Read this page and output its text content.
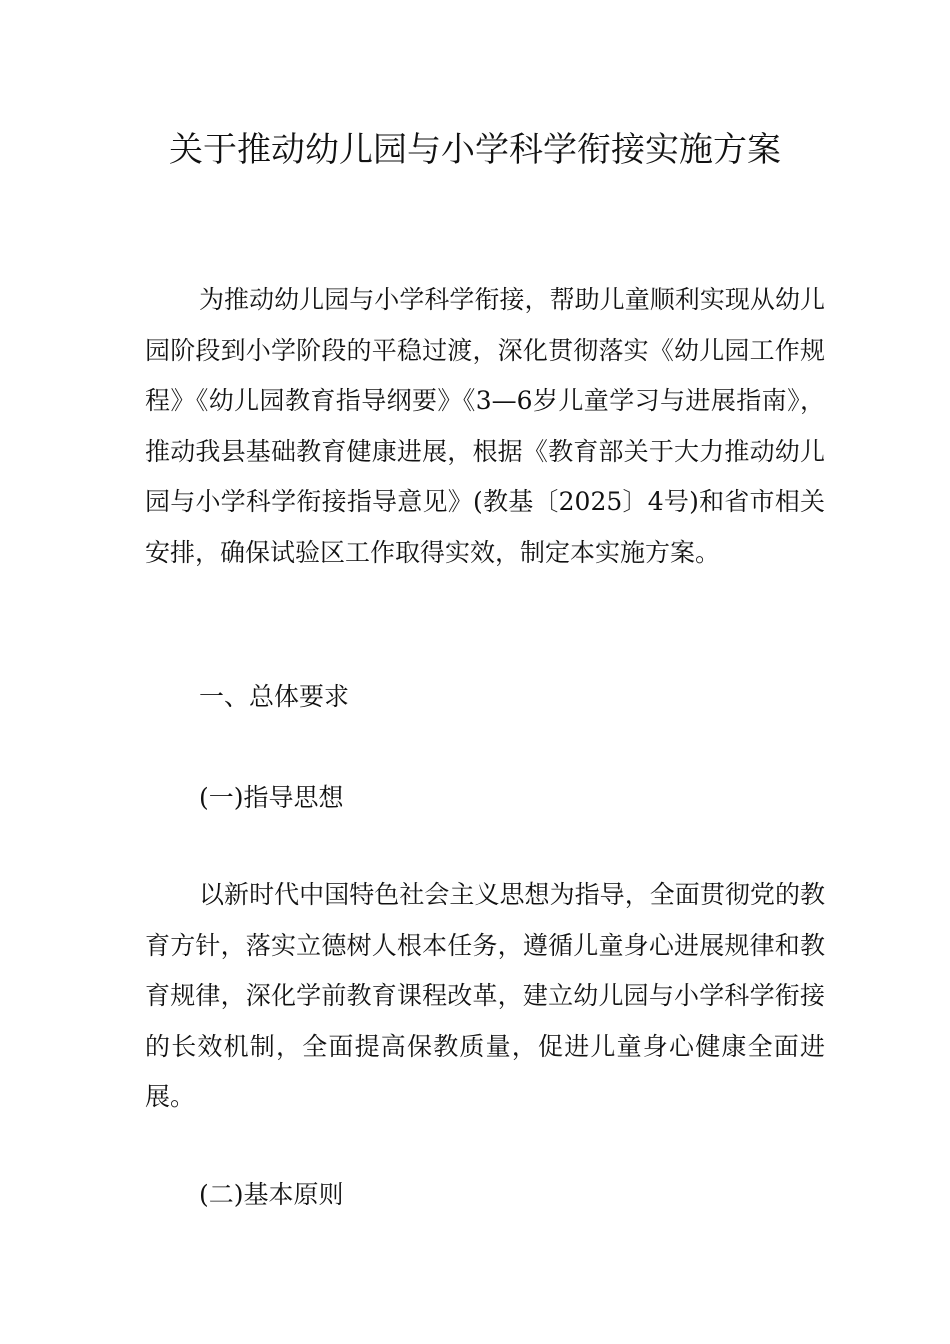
关于推动幼儿园与小学科学衔接实施方案

为推动幼儿园与小学科学衔接，帮助儿童顺利实现从幼儿园阶段到小学阶段的平稳过渡，深化贯彻落实《幼儿园工作规程》《幼儿园教育指导纲要》《3—6岁儿童学习与进展指南》，推动我县基础教育健康进展，根据《教育部关于大力推动幼儿园与小学科学衔接指导意见》(教基〔2025〕4号)和省市相关安排，确保试验区工作取得实效，制定本实施方案。

一、总体要求

(一)指导思想

以新时代中国特色社会主义思想为指导，全面贯彻党的教育方针，落实立德树人根本任务，遵循儿童身心进展规律和教育规律，深化学前教育课程改革，建立幼儿园与小学科学衔接的长效机制，全面提高保教质量，促进儿童身心健康全面进展。

(二)基本原则
